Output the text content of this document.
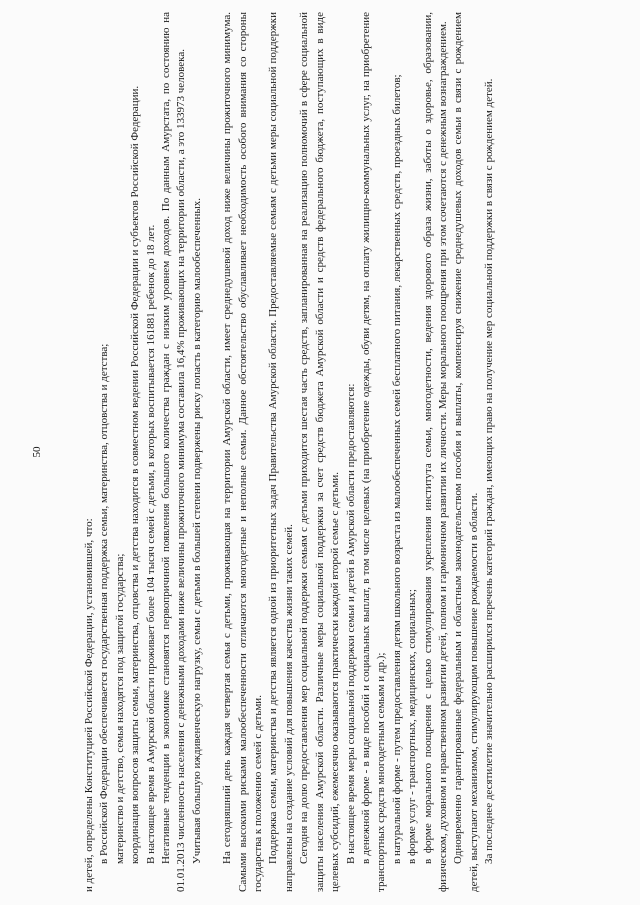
50

и детей, определены Конституцией Российской Федерации, установившей, что: в Российской Федерации обеспечивается государственная поддержка семьи, материнства, отцовства и детства; материнство и детство, семья находятся под защитой государства; координация вопросов защиты семьи, материнства, отцовства и детства находится в совместном ведении Российской Федерации и субъектов Российской Федерации. В настоящее время в Амурской области проживает более 104 тысяч семей с детьми, в которых воспитывается 161881 ребенок до 18 лет. Негативные тенденции в экономике становятся первопричиной появления большого количества граждан с низким уровнем доходов. По данным Амурстата, по состоянию на 01.01.2013 численность населения с денежными доходами ниже величины прожиточного минимума составила 16,4% проживающих на территории области, а это 133973 человека. Учитывая большую иждивенческую нагрузку, семьи с детьми в большей степени подвержены риску попасть в категорию малообеспеченных. На сегодняшний день каждая четвертая семья с детьми, проживающая на территории Амурской области, имеет среднедушевой доход ниже величины прожиточного минимума. Самыми высокими рисками малообеспеченности отличаются многодетные и неполные семьи. Данное обстоятельство обуславливает необходимость особого внимания со стороны государства к положению семей с детьми. Поддержка семьи, материнства и детства является одной из приоритетных задач Правительства Амурской области. Предоставляемые семьям с детьми меры социальной поддержки направлены на создание условий для повышения качества жизни таких семей. Сегодня на долю предоставления мер социальной поддержки семьям с детьми приходится шестая часть средств, запланированная на реализацию полномочий в сфере социальной защиты населения Амурской области. Различные меры социальной поддержки за счет средств бюджета Амурской области и средств федерального бюджета, поступающих в виде целевых субсидий, ежемесячно оказываются практически каждой второй семье с детьми. В настоящее время меры социальной поддержки семьи и детей в Амурской области предоставляются: в денежной форме - в виде пособий и социальных выплат, в том числе целевых (на приобретение одежды, обуви детям, на оплату жилищно-коммунальных услуг, на приобретение транспортных средств многодетным семьям и др.); в натуральной форме - путем предоставления детям школьного возраста из малообеспеченных семей бесплатного питания, лекарственных средств, проездных билетов; в форме услуг - транспортных, медицинских, социальных; в форме морального поощрения с целью стимулирования укрепления института семьи, многодетности, ведения здорового образа жизни, заботы о здоровье, образовании, физическом, духовном и нравственном развитии детей, полном и гармоничном развитии их личности. Меры морального поощрения при этом сочетаются с денежным вознаграждением. Одновременно гарантированные федеральным и областным законодательством пособия и выплаты, компенсируя снижение среднедушевых доходов семьи в связи с рождением детей, выступают механизмом, стимулирующим повышение рождаемости в области. За последнее десятилетие значительно расширился перечень категорий граждан, имеющих право на получение мер социальной поддержки в связи с рождением детей.
